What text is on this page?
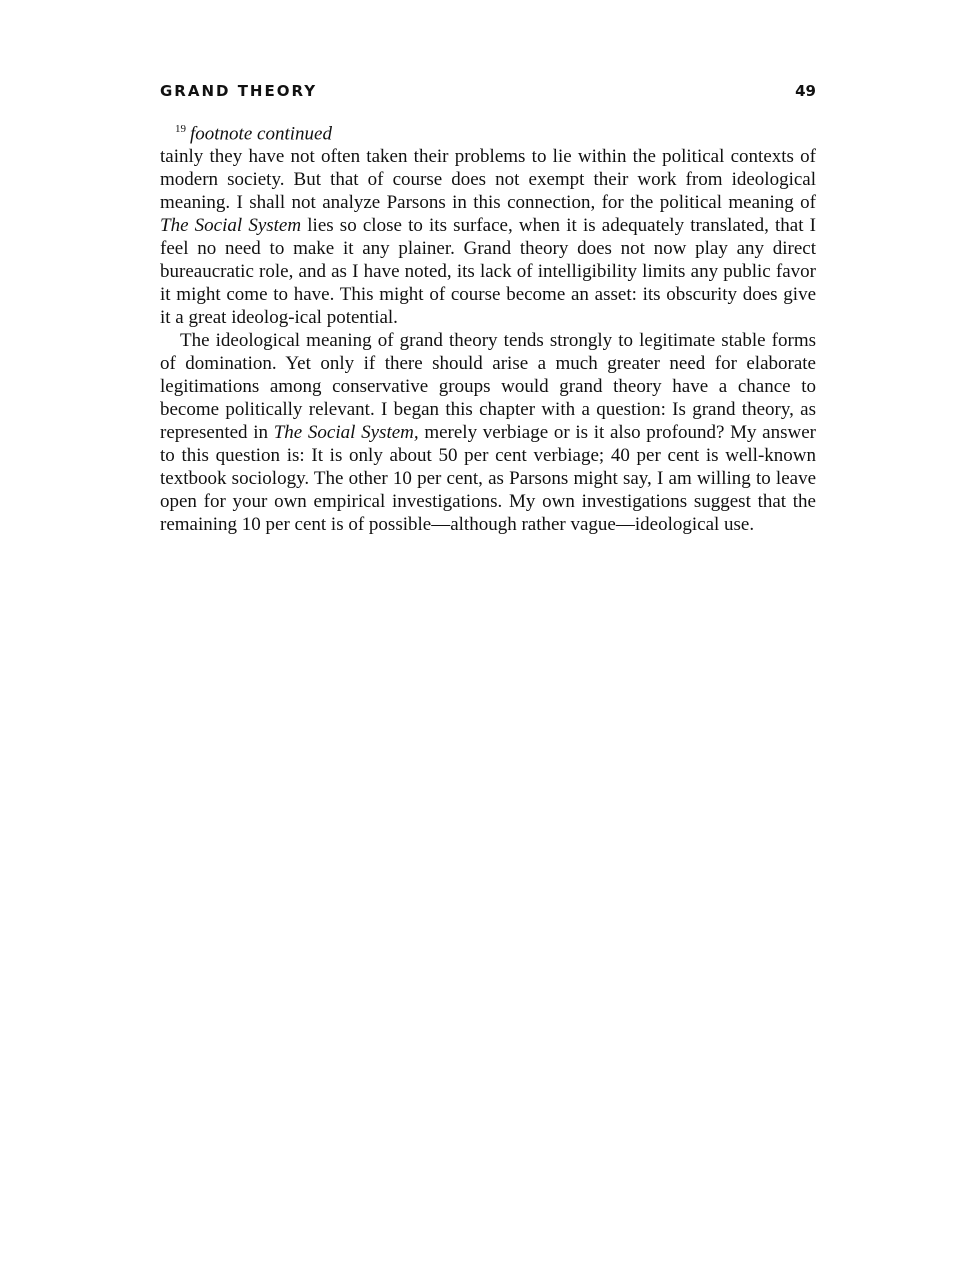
GRAND THEORY	49
$^{19}$ footnote continued

tainly they have not often taken their problems to lie within the political contexts of modern society. But that of course does not exempt their work from ideological meaning. I shall not analyze Parsons in this connection, for the political meaning of The Social System lies so close to its surface, when it is adequately translated, that I feel no need to make it any plainer. Grand theory does not now play any direct bureaucratic role, and as I have noted, its lack of intelligibility limits any public favor it might come to have. This might of course become an asset: its obscurity does give it a great ideolog-ical potential.

The ideological meaning of grand theory tends strongly to legitimate stable forms of domination. Yet only if there should arise a much greater need for elaborate legitimations among conservative groups would grand theory have a chance to become politically relevant. I began this chapter with a question: Is grand theory, as represented in The Social System, merely verbiage or is it also profound? My answer to this question is: It is only about 50 per cent verbiage; 40 per cent is well-known textbook sociology. The other 10 per cent, as Parsons might say, I am willing to leave open for your own empirical investigations. My own investigations suggest that the remaining 10 per cent is of possible—although rather vague—ideological use.
